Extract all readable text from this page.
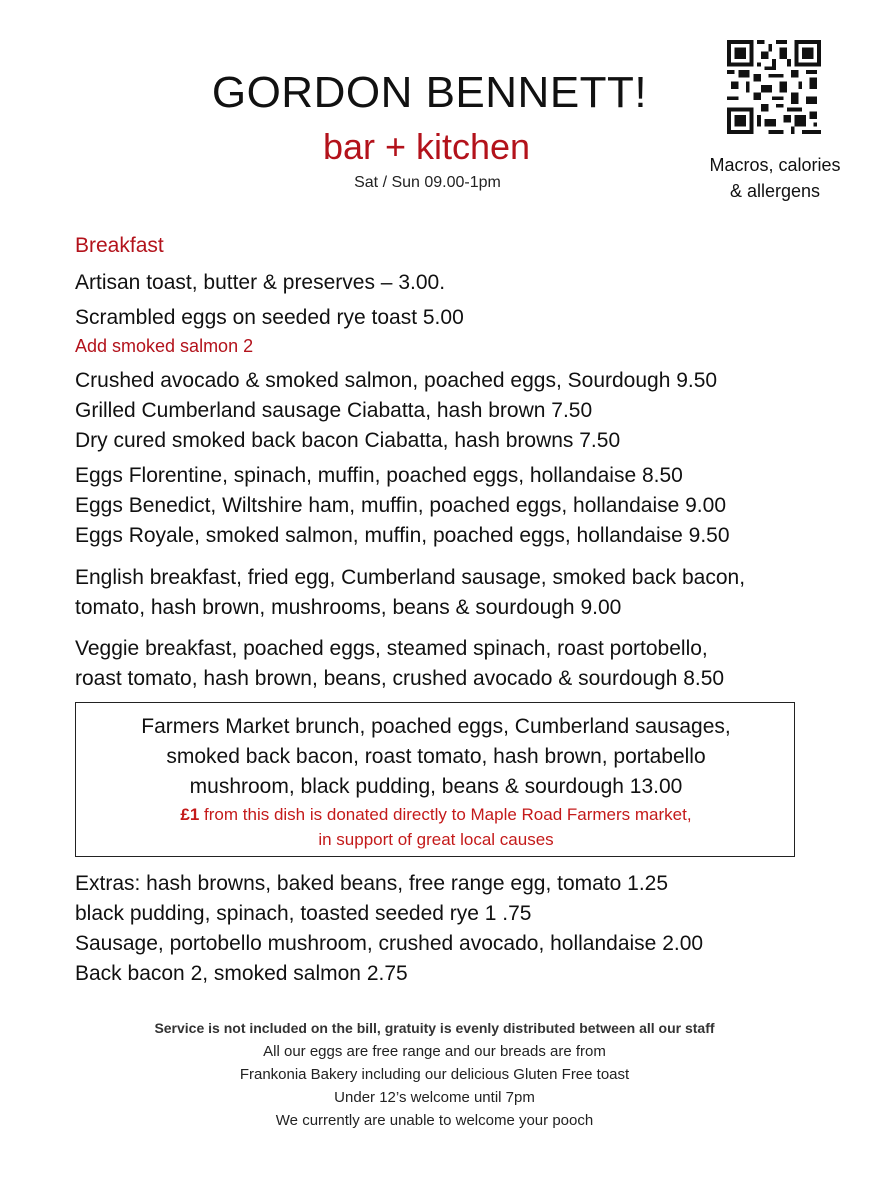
GORDON BENNETT!
bar + kitchen
Sat / Sun 09.00-1pm
Macros, calories
& allergens
Breakfast
Artisan toast, butter & preserves – 3.00.
Scrambled eggs on seeded rye toast 5.00
Add smoked salmon 2
Crushed avocado & smoked salmon, poached eggs, Sourdough 9.50
Grilled Cumberland sausage Ciabatta, hash brown 7.50
Dry cured smoked back bacon Ciabatta, hash browns 7.50
Eggs Florentine, spinach, muffin, poached eggs, hollandaise 8.50
Eggs Benedict, Wiltshire ham, muffin, poached eggs, hollandaise 9.00
Eggs Royale, smoked salmon, muffin, poached eggs, hollandaise 9.50
English breakfast, fried egg, Cumberland sausage, smoked back bacon,
tomato, hash brown, mushrooms, beans & sourdough 9.00
Veggie breakfast, poached eggs, steamed spinach, roast portobello,
roast tomato, hash brown, beans, crushed avocado & sourdough 8.50
Farmers Market brunch, poached eggs, Cumberland sausages,
smoked back bacon, roast tomato, hash brown, portabello
mushroom, black pudding, beans & sourdough 13.00
£1 from this dish is donated directly to Maple Road Farmers market,
in support of great local causes
Extras: hash browns, baked beans, free range egg, tomato 1.25
black pudding, spinach, toasted seeded rye 1 .75
Sausage, portobello mushroom, crushed avocado, hollandaise 2.00
Back bacon 2, smoked salmon 2.75
Service is not included on the bill, gratuity is evenly distributed between all our staff
All our eggs are free range and our breads are from
Frankonia Bakery including our delicious Gluten Free toast
Under 12’s welcome until 7pm
We currently are unable to welcome your pooch
